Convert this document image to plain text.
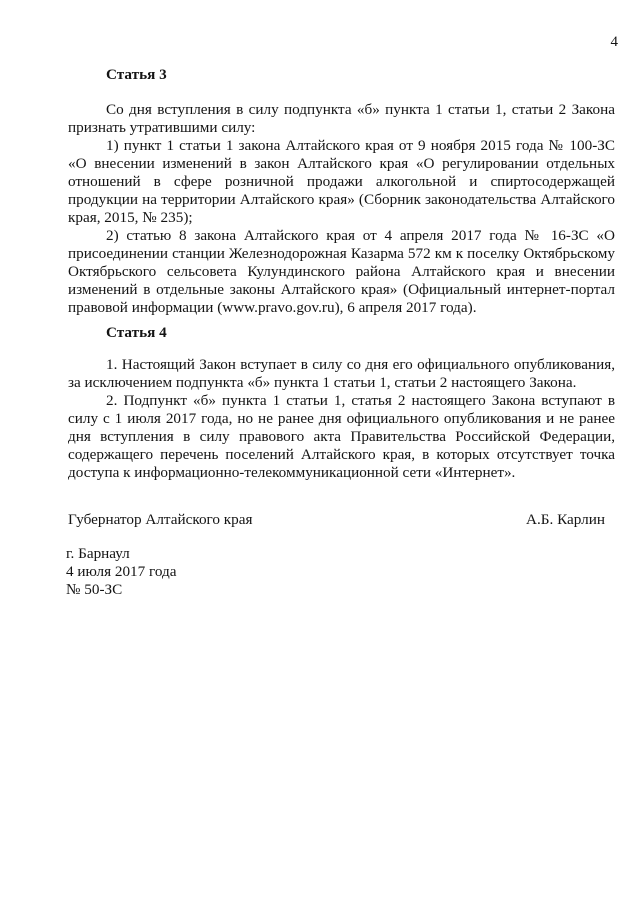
4
Статья 3

Со дня вступления в силу подпункта «б» пункта 1 статьи 1, статьи 2 Закона признать утратившими силу:

1) пункт 1 статьи 1 закона Алтайского края от 9 ноября 2015 года № 100-ЗС «О внесении изменений в закон Алтайского края «О регулировании отдельных отношений в сфере розничной продажи алкогольной и спиртосодержащей продукции на территории Алтайского края» (Сборник законодательства Алтайского края, 2015, № 235);

2) статью 8 закона Алтайского края от 4 апреля 2017 года № 16-ЗС «О присоединении станции Железнодорожная Казарма 572 км к поселку Октябрьскому Октябрьского сельсовета Кулундинского района Алтайского края и внесении изменений в отдельные законы Алтайского края» (Официальный интернет-портал правовой информации (www.pravo.gov.ru), 6 апреля 2017 года).

Статья 4

1. Настоящий Закон вступает в силу со дня его официального опубликования, за исключением подпункта «б» пункта 1 статьи 1, статьи 2 настоящего Закона.

2. Подпункт «б» пункта 1 статьи 1, статья 2 настоящего Закона вступают в силу с 1 июля 2017 года, но не ранее дня официального опубликования и не ранее дня вступления в силу правового акта Правительства Российской Федерации, содержащего перечень поселений Алтайского края, в которых отсутствует точка доступа к информационно-телекоммуникационной сети «Интернет».

Губернатор Алтайского края	А.Б. Карлин
г. Барнаул
4 июля 2017 года
№ 50-ЗС
